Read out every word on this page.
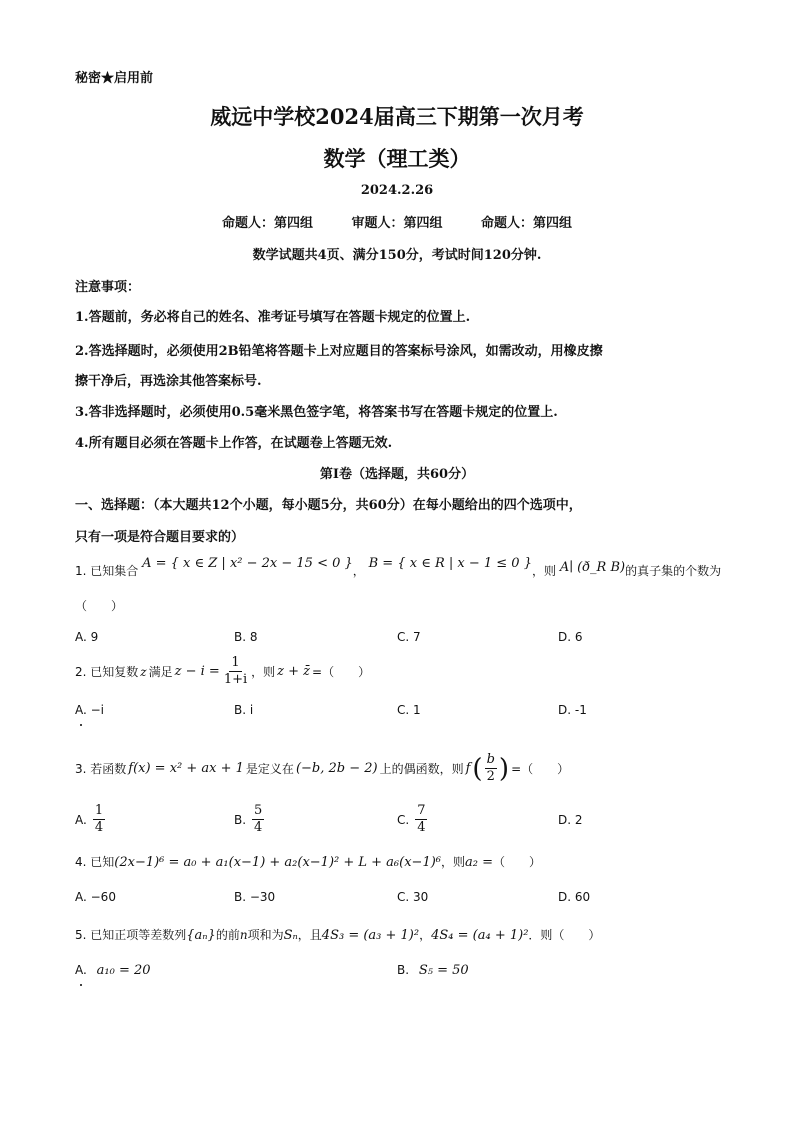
秘密★启用前
威远中学校2024届高三下期第一次月考
数学（理工类）
2024.2.26
命题人：第四组	审题人：第四组	命题人：第四组
数学试题共4页、满分150分，考试时间120分钟.
注意事项：
1.答题前，务必将自己的姓名、准考证号填写在答题卡规定的位置上.
2.答选择题时，必须使用2B铅笔将答题卡上对应题目的答案标号涂风，如需改动，用橡皮擦
擦干净后，再选涂其他答案标号.
3.答非选择题时，必须使用0.5毫米黑色签字笔，将答案书写在答题卡规定的位置上.
4.所有题目必须在答题卡上作答，在试题卷上答题无效.
第Ⅰ卷（选择题，共60分）
一、选择题：（本大题共12个小题，每小题5分，共60分）在每小题给出的四个选项中，
只有一项是符合题目要求的）
1. 已知集合 A = { x ∈ Z | x² − 2x − 15 < 0 }， B = { x ∈ R | x − 1 ≤ 0 }，则 A∣ (ð_R B)的真子集的个数为
（　　）
A. 9	B. 8	C. 7	D. 6
2. 已知复数 z 满足 $z - i = \frac{1}{1+i}$ ，则 z + z̄ =（　　）
A. −i	B. i	C. 1	D. -1
3. 若函数 f(x) = x² + ax + 1 是定义在 (−b, 2b − 2) 上的偶函数，则 f ( $\frac{b}{2}$ ) =（　　）
A. $\frac{1}{4}$	B. $\frac{5}{4}$	C. $\frac{7}{4}$	D. 2
4. 已知(2x−1)⁶ = a₀ + a₁(x−1) + a₂(x−1)² + L + a₆(x−1)⁶，则a₂ =（　　）
A. −60	B. −30	C. 30	D. 60
5. 已知正项等差数列{aₙ}的前n项和为Sₙ，且4S₃ = (a₃ + 1)²，4S₄ = (a₄ + 1)²．则（　　）
A. a₁₀ = 20	B. S₅ = 50
